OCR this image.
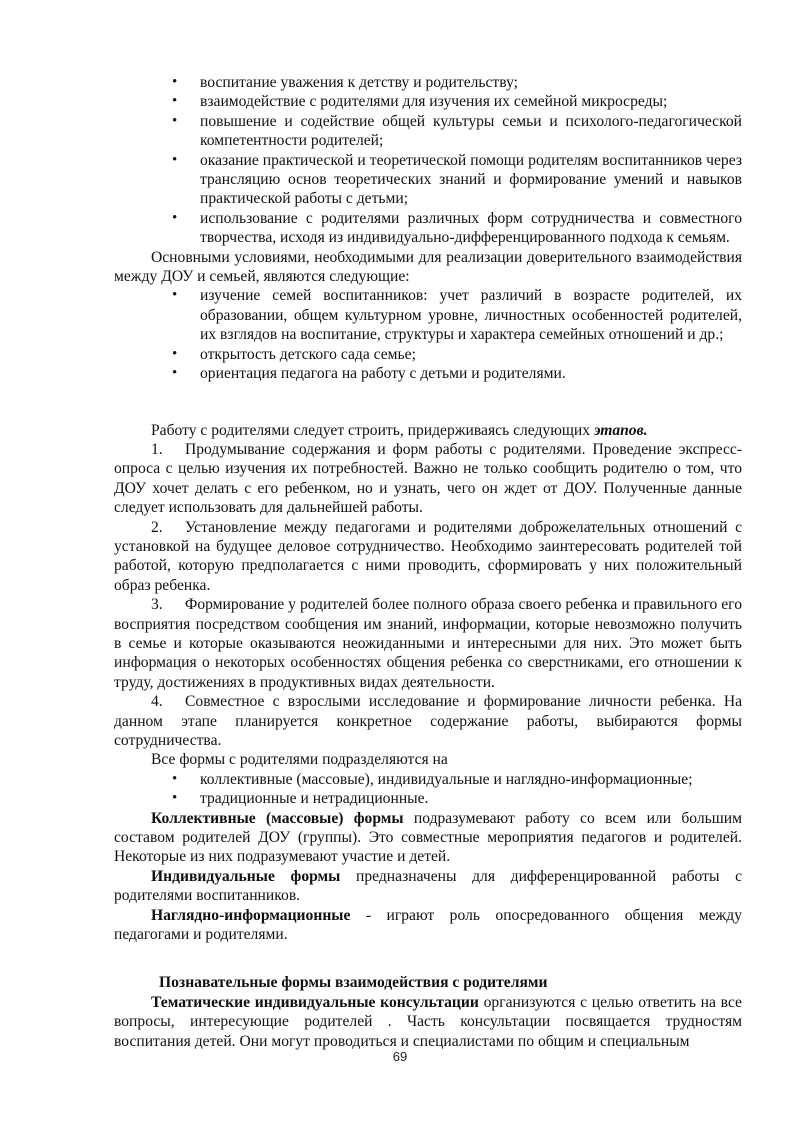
• воспитание уважения к детству и родительству;
• взаимодействие с родителями для изучения их семейной микросреды;
• повышение и содействие общей культуры семьи и психолого-педагогической компетентности родителей;
• оказание практической и теоретической помощи родителям воспитанников через трансляцию основ теоретических знаний и формирование умений и навыков практической работы с детьми;
• использование с родителями различных форм сотрудничества и совместного творчества, исходя из индивидуально-дифференцированного подхода к семьям.

Основными условиями, необходимыми для реализации доверительного взаимодействия между ДОУ и семьей, являются следующие:

• изучение семей воспитанников: учет различий в возрасте родителей, их образовании, общем культурном уровне, личностных особенностей родителей, их взглядов на воспитание, структуры и характера семейных отношений и др.;
• открытость детского сада семье;
• ориентация педагога на работу с детьми и родителями.

Работу с родителями следует строить, придерживаясь следующих этапов.

1. Продумывание содержания и форм работы с родителями. Проведение экспресс-опроса с целью изучения их потребностей. Важно не только сообщить родителю о том, что ДОУ хочет делать с его ребенком, но и узнать, чего он ждет от ДОУ. Полученные данные следует использовать для дальнейшей работы.

2. Установление между педагогами и родителями доброжелательных отношений с установкой на будущее деловое сотрудничество. Необходимо заинтересовать родителей той работой, которую предполагается с ними проводить, сформировать у них положительный образ ребенка.

3. Формирование у родителей более полного образа своего ребенка и правильного его восприятия посредством сообщения им знаний, информации, которые невозможно получить в семье и которые оказываются неожиданными и интересными для них. Это может быть информация о некоторых особенностях общения ребенка со сверстниками, его отношении к труду, достижениях в продуктивных видах деятельности.

4. Совместное с взрослыми исследование и формирование личности ребенка. На данном этапе планируется конкретное содержание работы, выбираются формы сотрудничества.

Все формы с родителями подразделяются на

• коллективные (массовые), индивидуальные и наглядно-информационные;
• традиционные и нетрадиционные.

Коллективные (массовые) формы подразумевают работу со всем или большим составом родителей ДОУ (группы). Это совместные мероприятия педагогов и родителей. Некоторые из них подразумевают участие и детей.

Индивидуальные формы предназначены для дифференцированной работы с родителями воспитанников.

Наглядно-информационные - играют роль опосредованного общения между педагогами и родителями.

Познавательные формы взаимодействия с родителями

Тематические индивидуальные консультации организуются с целью ответить на все вопросы, интересующие родителей . Часть консультации посвящается трудностям воспитания детей. Они могут проводиться и специалистами по общим и специальным

69
